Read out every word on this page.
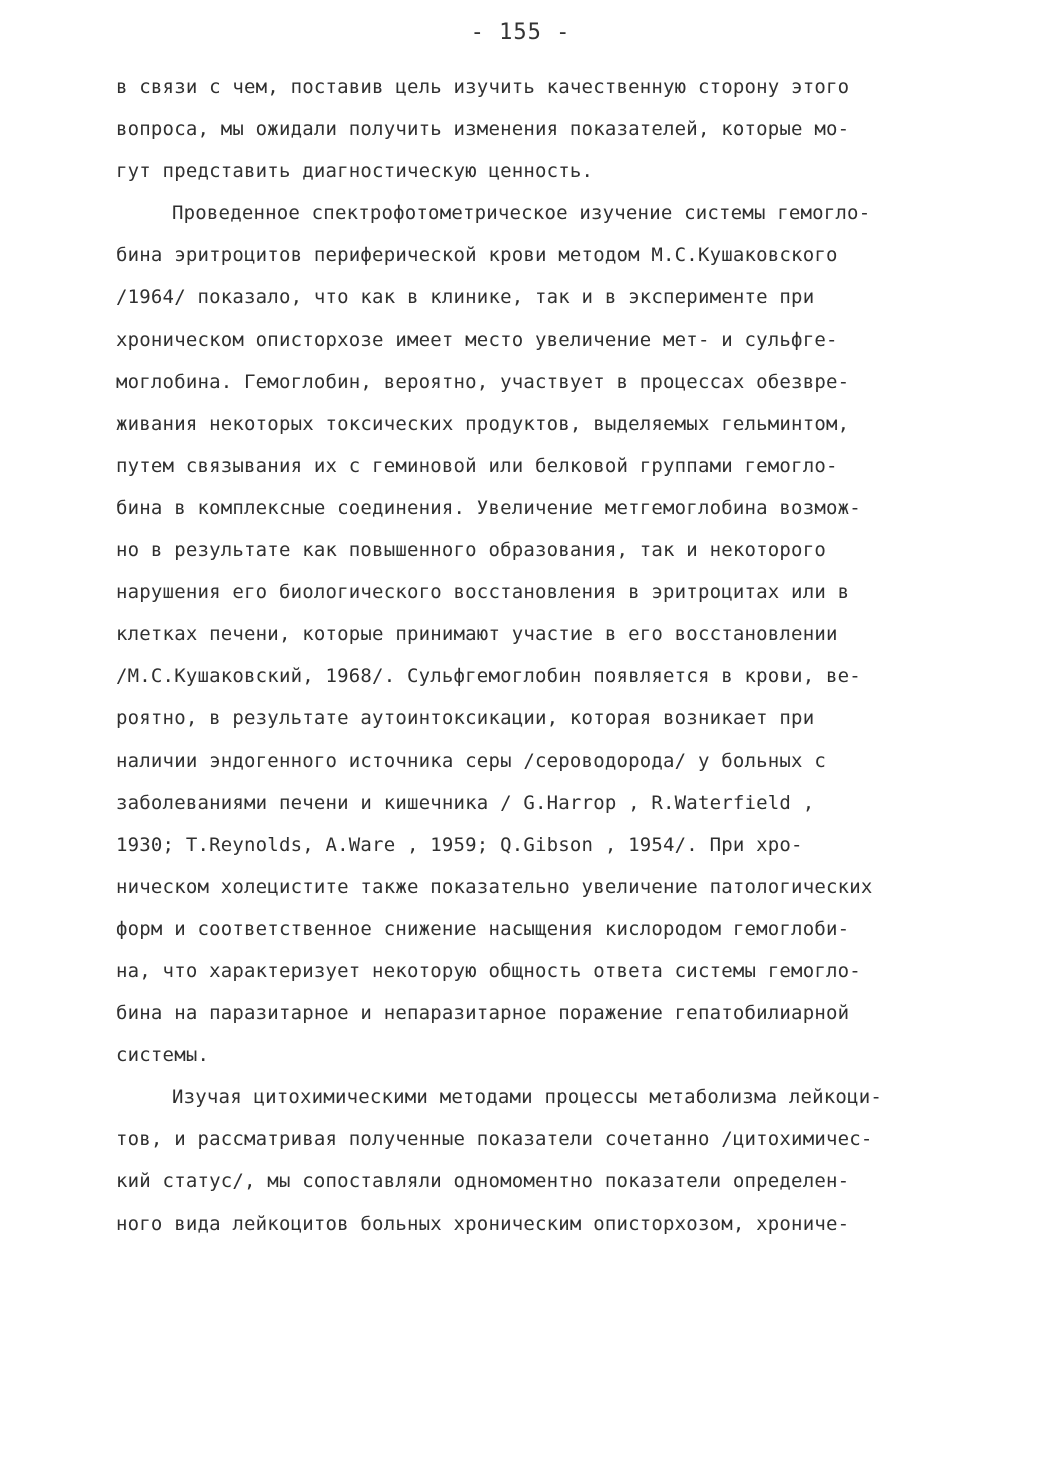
- 155 -
в связи с чем, поставив цель изучить качественную сторону этого
вопроса, мы ожидали получить изменения показателей, которые мо-
гут представить диагностическую ценность.
Проведенное спектрофотометрическое изучение системы гемогло-
бина эритроцитов периферической крови методом М.С.Кушаковского
/1964/ показало, что как в клинике, так и в эксперименте при
хроническом описторхозе имеет место увеличение мет- и сульфге-
моглобина. Гемоглобин, вероятно, участвует в процессах обезвре-
живания некоторых токсических продуктов, выделяемых гельминтом,
путем связывания их с геминовой или белковой группами гемогло-
бина в комплексные соединения. Увеличение метгемоглобина возмож-
но в результате как повышенного образования, так и некоторого
нарушения его биологического восстановления в эритроцитах или в
клетках печени, которые принимают участие в его восстановлении
/М.С.Кушаковский, 1968/. Сульфгемоглобин появляется в крови, ве-
роятно, в результате аутоинтоксикации, которая возникает при
наличии эндогенного источника серы /сероводорода/ у больных с
заболеваниями печени и кишечника / G.Harrop , R.Waterfield ,
1930; T.Reynolds, A.Ware , 1959; Q.Gibson , 1954/. При хро-
ническом холецистите также показательно увеличение патологических
форм и соответственное снижение насыщения кислородом гемоглоби-
на, что характеризует некоторую общность ответа системы гемогло-
бина на паразитарное и непаразитарное поражение гепатобилиарной
системы.
Изучая цитохимическими методами процессы метаболизма лейкоци-
тов, и рассматривая полученные показатели сочетанно /цитохимичес-
кий статус/, мы сопоставляли одномоментно показатели определен-
ного вида лейкоцитов больных хроническим описторхозом, хрониче-
